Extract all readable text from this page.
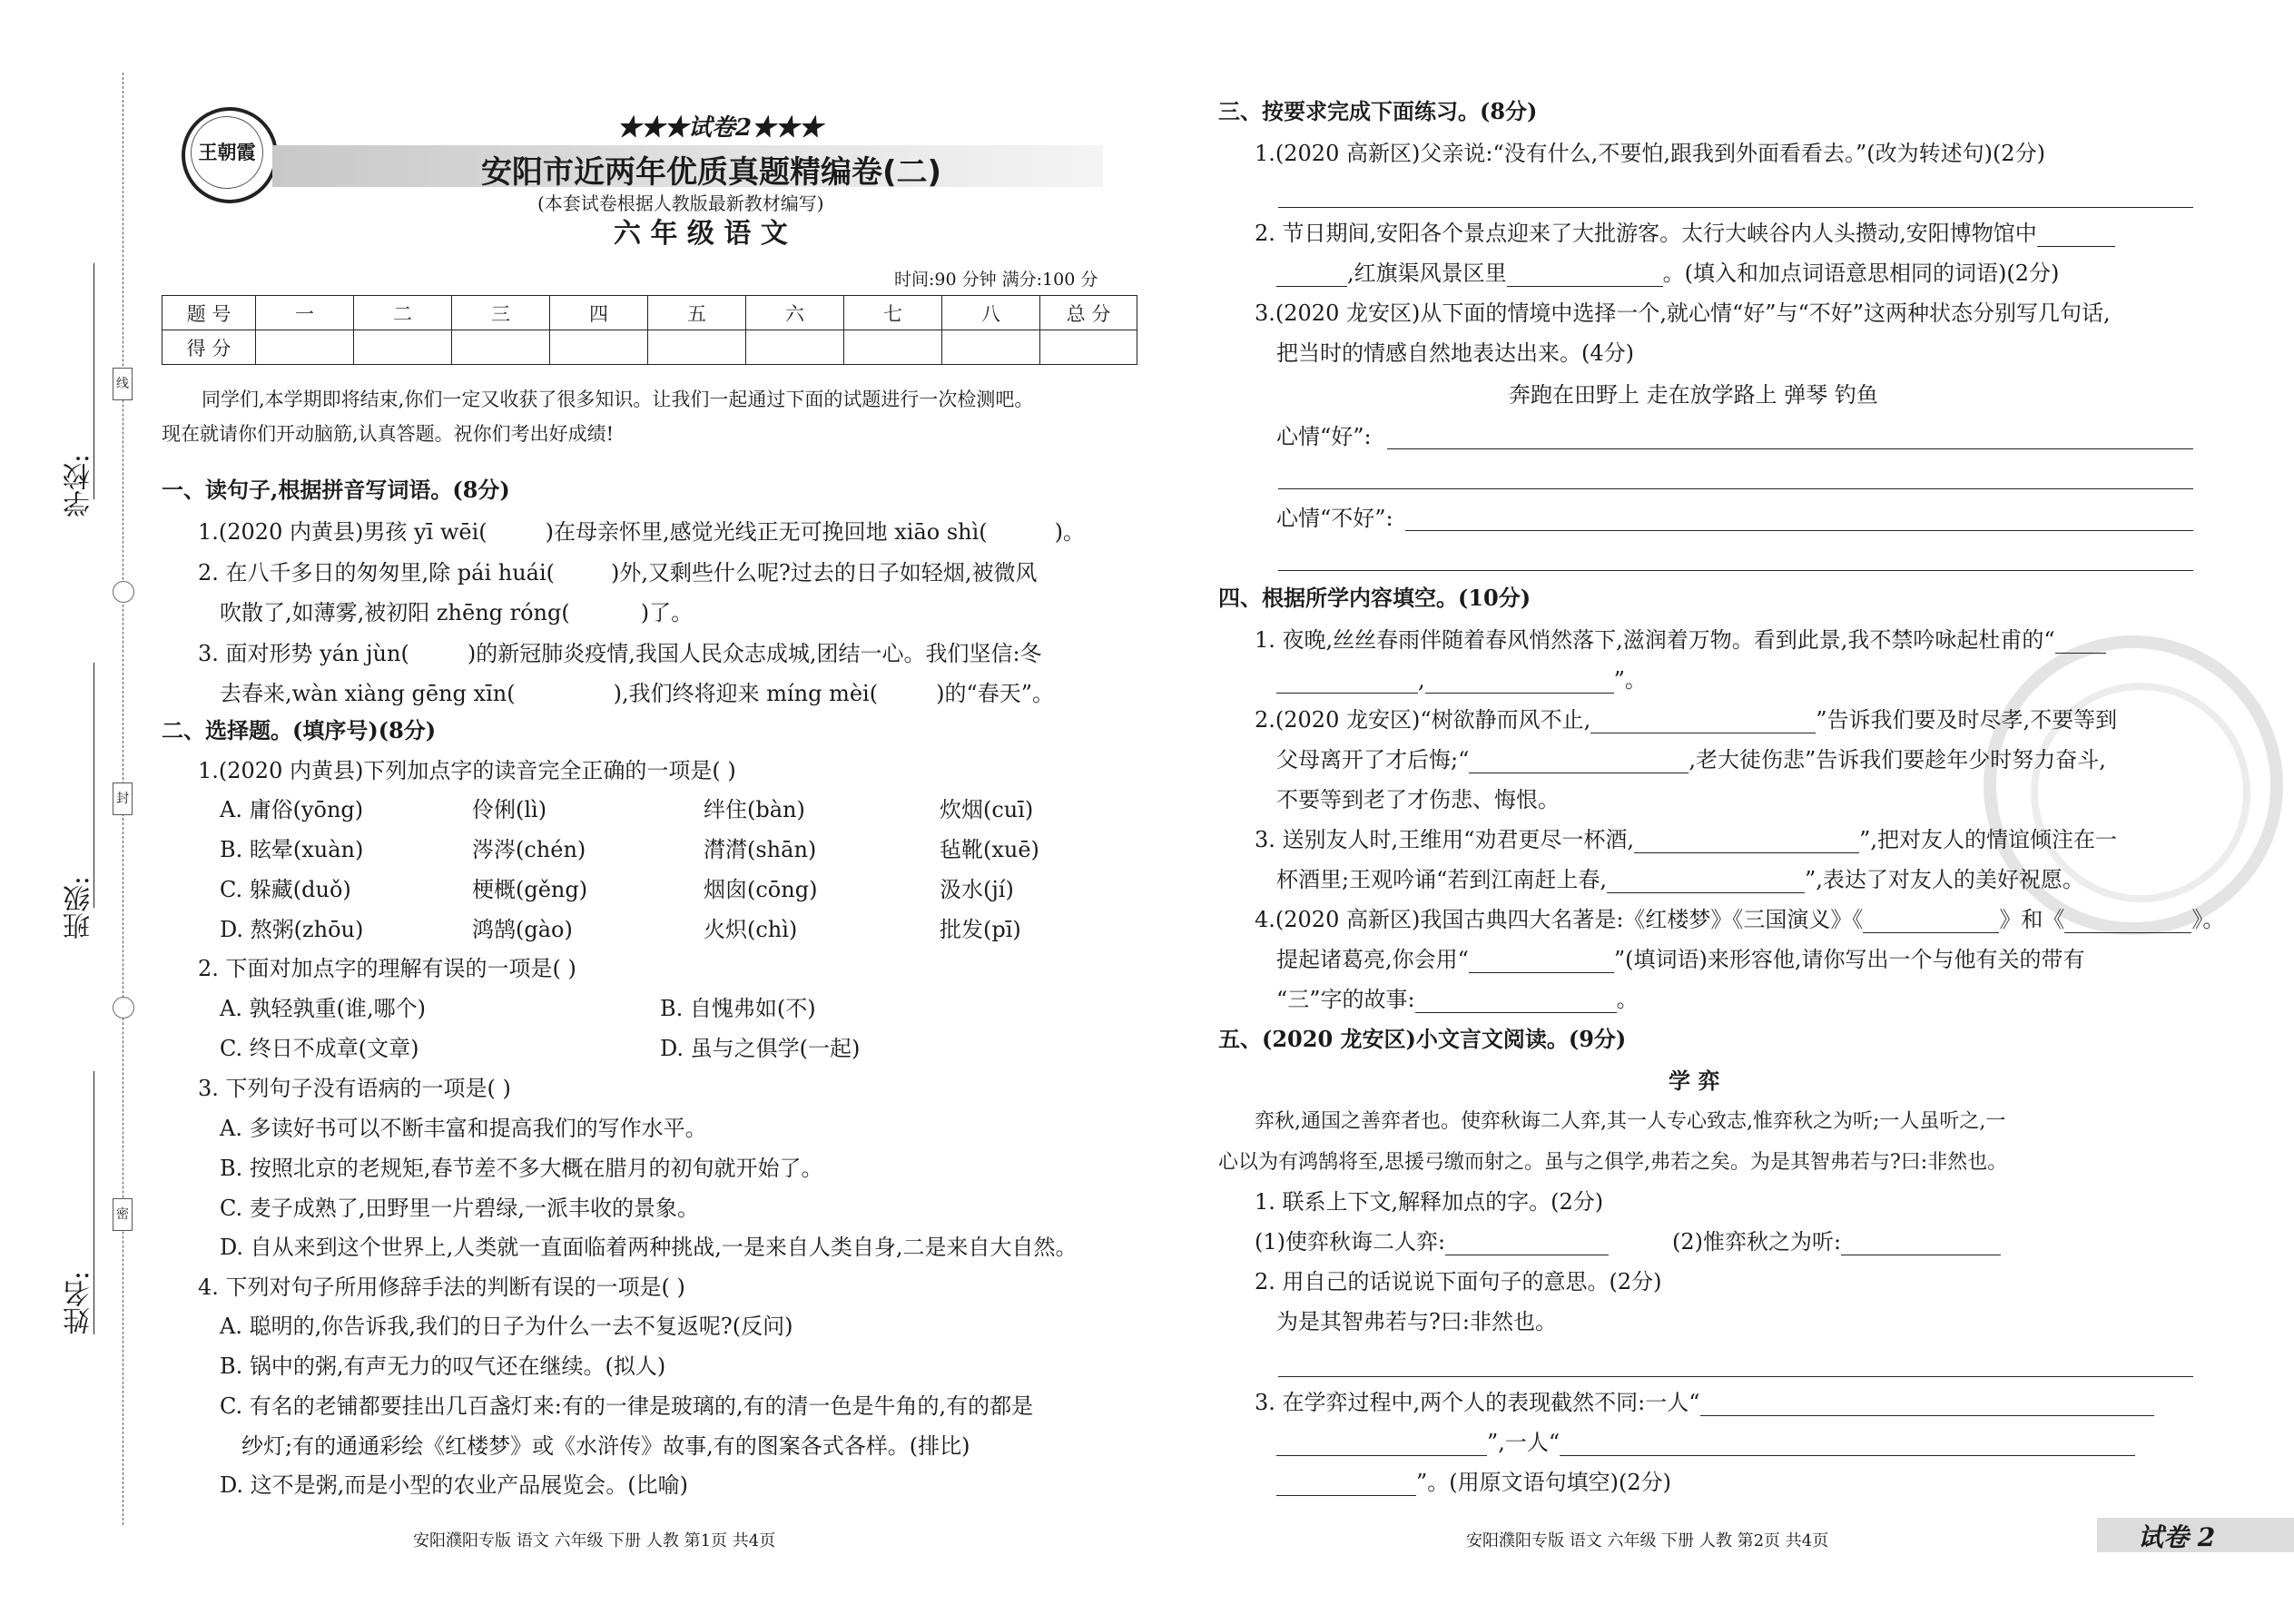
学校:
班级:
姓名:
线
封
密
王朝霞
★★★试卷2★★★
安阳市近两年优质真题精编卷(二)
(本套试卷根据人教版最新教材编写)
六 年 级 语 文
时间:90 分钟 满分:100 分
题 号	一	二	三	四	五	六	七	八	总 分
得 分									
同学们,本学期即将结束,你们一定又收获了很多知识。让我们一起通过下面的试题进行一次检测吧。
现在就请你们开动脑筋,认真答题。祝你们考出好成绩!
一、读句子,根据拼音写词语。(8分)
1.(2020 内黄县)男孩 yī wēi(	)在母亲怀里,感觉光线正无可挽回地 xiāo shì(	)。
2. 在八千多日的匆匆里,除 pái huái(	)外,又剩些什么呢?过去的日子如轻烟,被微风
吹散了,如薄雾,被初阳 zhēng róng(	)了。
3. 面对形势 yán jùn(	)的新冠肺炎疫情,我国人民众志成城,团结一心。我们坚信:冬
去春来,wàn xiàng gēng xīn(	),我们终将迎来 míng mèi(	)的“春天”。
二、选择题。(填序号)(8分)
1.(2020 内黄县)下列加点字的读音完全正确的一项是( )
A. 庸俗(yōng)	伶俐(lì)	绊住(bàn)	炊烟(cuī)
B. 眩晕(xuàn)	涔涔(chén)	潸潸(shān)	毡靴(xuē)
C. 躲藏(duǒ)	梗概(gěng)	烟囱(cōng)	汲水(jí)
D. 熬粥(zhōu)	鸿鹄(gào)	火炽(chì)	批发(pī)
2. 下面对加点字的理解有误的一项是( )
A. 孰轻孰重(谁,哪个)	B. 自愧弗如(不)
C. 终日不成章(文章)	D. 虽与之俱学(一起)
3. 下列句子没有语病的一项是( )
A. 多读好书可以不断丰富和提高我们的写作水平。
B. 按照北京的老规矩,春节差不多大概在腊月的初旬就开始了。
C. 麦子成熟了,田野里一片碧绿,一派丰收的景象。
D. 自从来到这个世界上,人类就一直面临着两种挑战,一是来自人类自身,二是来自大自然。
4. 下列对句子所用修辞手法的判断有误的一项是( )
A. 聪明的,你告诉我,我们的日子为什么一去不复返呢?(反问)
B. 锅中的粥,有声无力的叹气还在继续。(拟人)
C. 有名的老铺都要挂出几百盏灯来:有的一律是玻璃的,有的清一色是牛角的,有的都是
纱灯;有的通通彩绘《红楼梦》或《水浒传》故事,有的图案各式各样。(排比)
D. 这不是粥,而是小型的农业产品展览会。(比喻)
安阳濮阳专版 语文 六年级 下册 人教 第1页 共4页
三、按要求完成下面练习。(8分)
1.(2020 高新区)父亲说:“没有什么,不要怕,跟我到外面看看去。”(改为转述句)(2分)
2. 节日期间,安阳各个景点迎来了大批游客。太行大峡谷内人头攒动,安阳博物馆中
,红旗渠风景区里	。(填入和加点词语意思相同的词语)(2分)
3.(2020 龙安区)从下面的情境中选择一个,就心情“好”与“不好”这两种状态分别写几句话,
把当时的情感自然地表达出来。(4分)
奔跑在田野上 走在放学路上 弹琴 钓鱼
心情“好”:
心情“不好”:
四、根据所学内容填空。(10分)
1. 夜晚,丝丝春雨伴随着春风悄然落下,滋润着万物。看到此景,我不禁吟咏起杜甫的“
,	”。
2.(2020 龙安区)“树欲静而风不止,	”告诉我们要及时尽孝,不要等到
父母离开了才后悔;“	,老大徒伤悲”告诉我们要趁年少时努力奋斗,
不要等到老了才伤悲、悔恨。
3. 送别友人时,王维用“劝君更尽一杯酒,	”,把对友人的情谊倾注在一
杯酒里;王观吟诵“若到江南赶上春,	”,表达了对友人的美好祝愿。
4.(2020 高新区)我国古典四大名著是:《红楼梦》《三国演义》《	》和《	》。
提起诸葛亮,你会用“	”(填词语)来形容他,请你写出一个与他有关的带有
“三”字的故事:	。
五、(2020 龙安区)小文言文阅读。(9分)
学 弈
弈秋,通国之善弈者也。使弈秋诲二人弈,其一人专心致志,惟弈秋之为听;一人虽听之,一
心以为有鸿鹄将至,思援弓缴而射之。虽与之俱学,弗若之矣。为是其智弗若与?曰:非然也。
1. 联系上下文,解释加点的字。(2分)
(1)使弈秋诲二人弈:	(2)惟弈秋之为听:
2. 用自己的话说说下面句子的意思。(2分)
为是其智弗若与?曰:非然也。
3. 在学弈过程中,两个人的表现截然不同:一人“
”,一人“
”。(用原文语句填空)(2分)
安阳濮阳专版 语文 六年级 下册 人教 第2页 共4页	试卷 2
